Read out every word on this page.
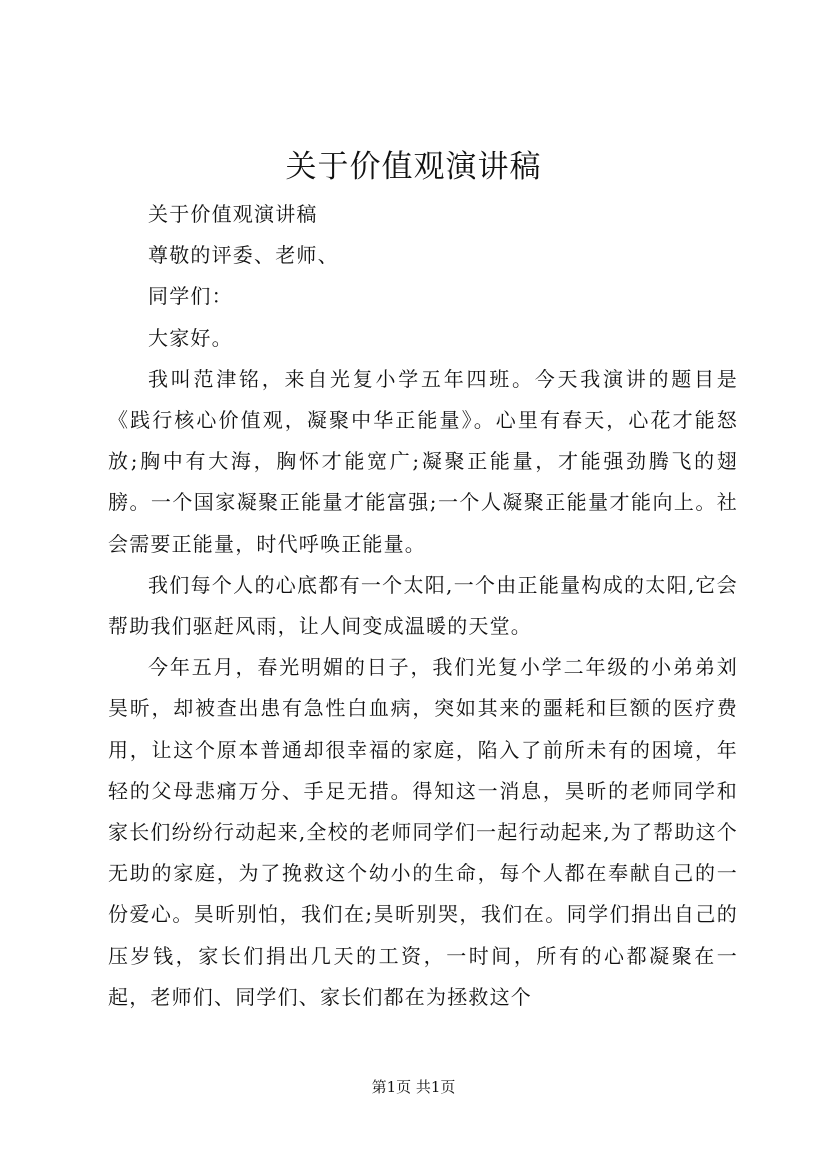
关于价值观演讲稿

关于价值观演讲稿

尊敬的评委、老师、

同学们：

大家好。

我叫范津铭，来自光复小学五年四班。今天我演讲的题目是《践行核心价值观，凝聚中华正能量》。心里有春天，心花才能怒放;胸中有大海，胸怀才能宽广;凝聚正能量，才能强劲腾飞的翅膀。一个国家凝聚正能量才能富强;一个人凝聚正能量才能向上。社会需要正能量，时代呼唤正能量。

我们每个人的心底都有一个太阳,一个由正能量构成的太阳,它会帮助我们驱赶风雨，让人间变成温暖的天堂。

今年五月，春光明媚的日子，我们光复小学二年级的小弟弟刘昊昕，却被查出患有急性白血病，突如其来的噩耗和巨额的医疗费用，让这个原本普通却很幸福的家庭，陷入了前所未有的困境，年轻的父母悲痛万分、手足无措。得知这一消息，昊昕的老师同学和家长们纷纷行动起来,全校的老师同学们一起行动起来,为了帮助这个无助的家庭，为了挽救这个幼小的生命，每个人都在奉献自己的一份爱心。昊昕别怕，我们在;昊昕别哭，我们在。同学们捐出自己的压岁钱，家长们捐出几天的工资，一时间，所有的心都凝聚在一起，老师们、同学们、家长们都在为拯救这个

第1页 共1页
